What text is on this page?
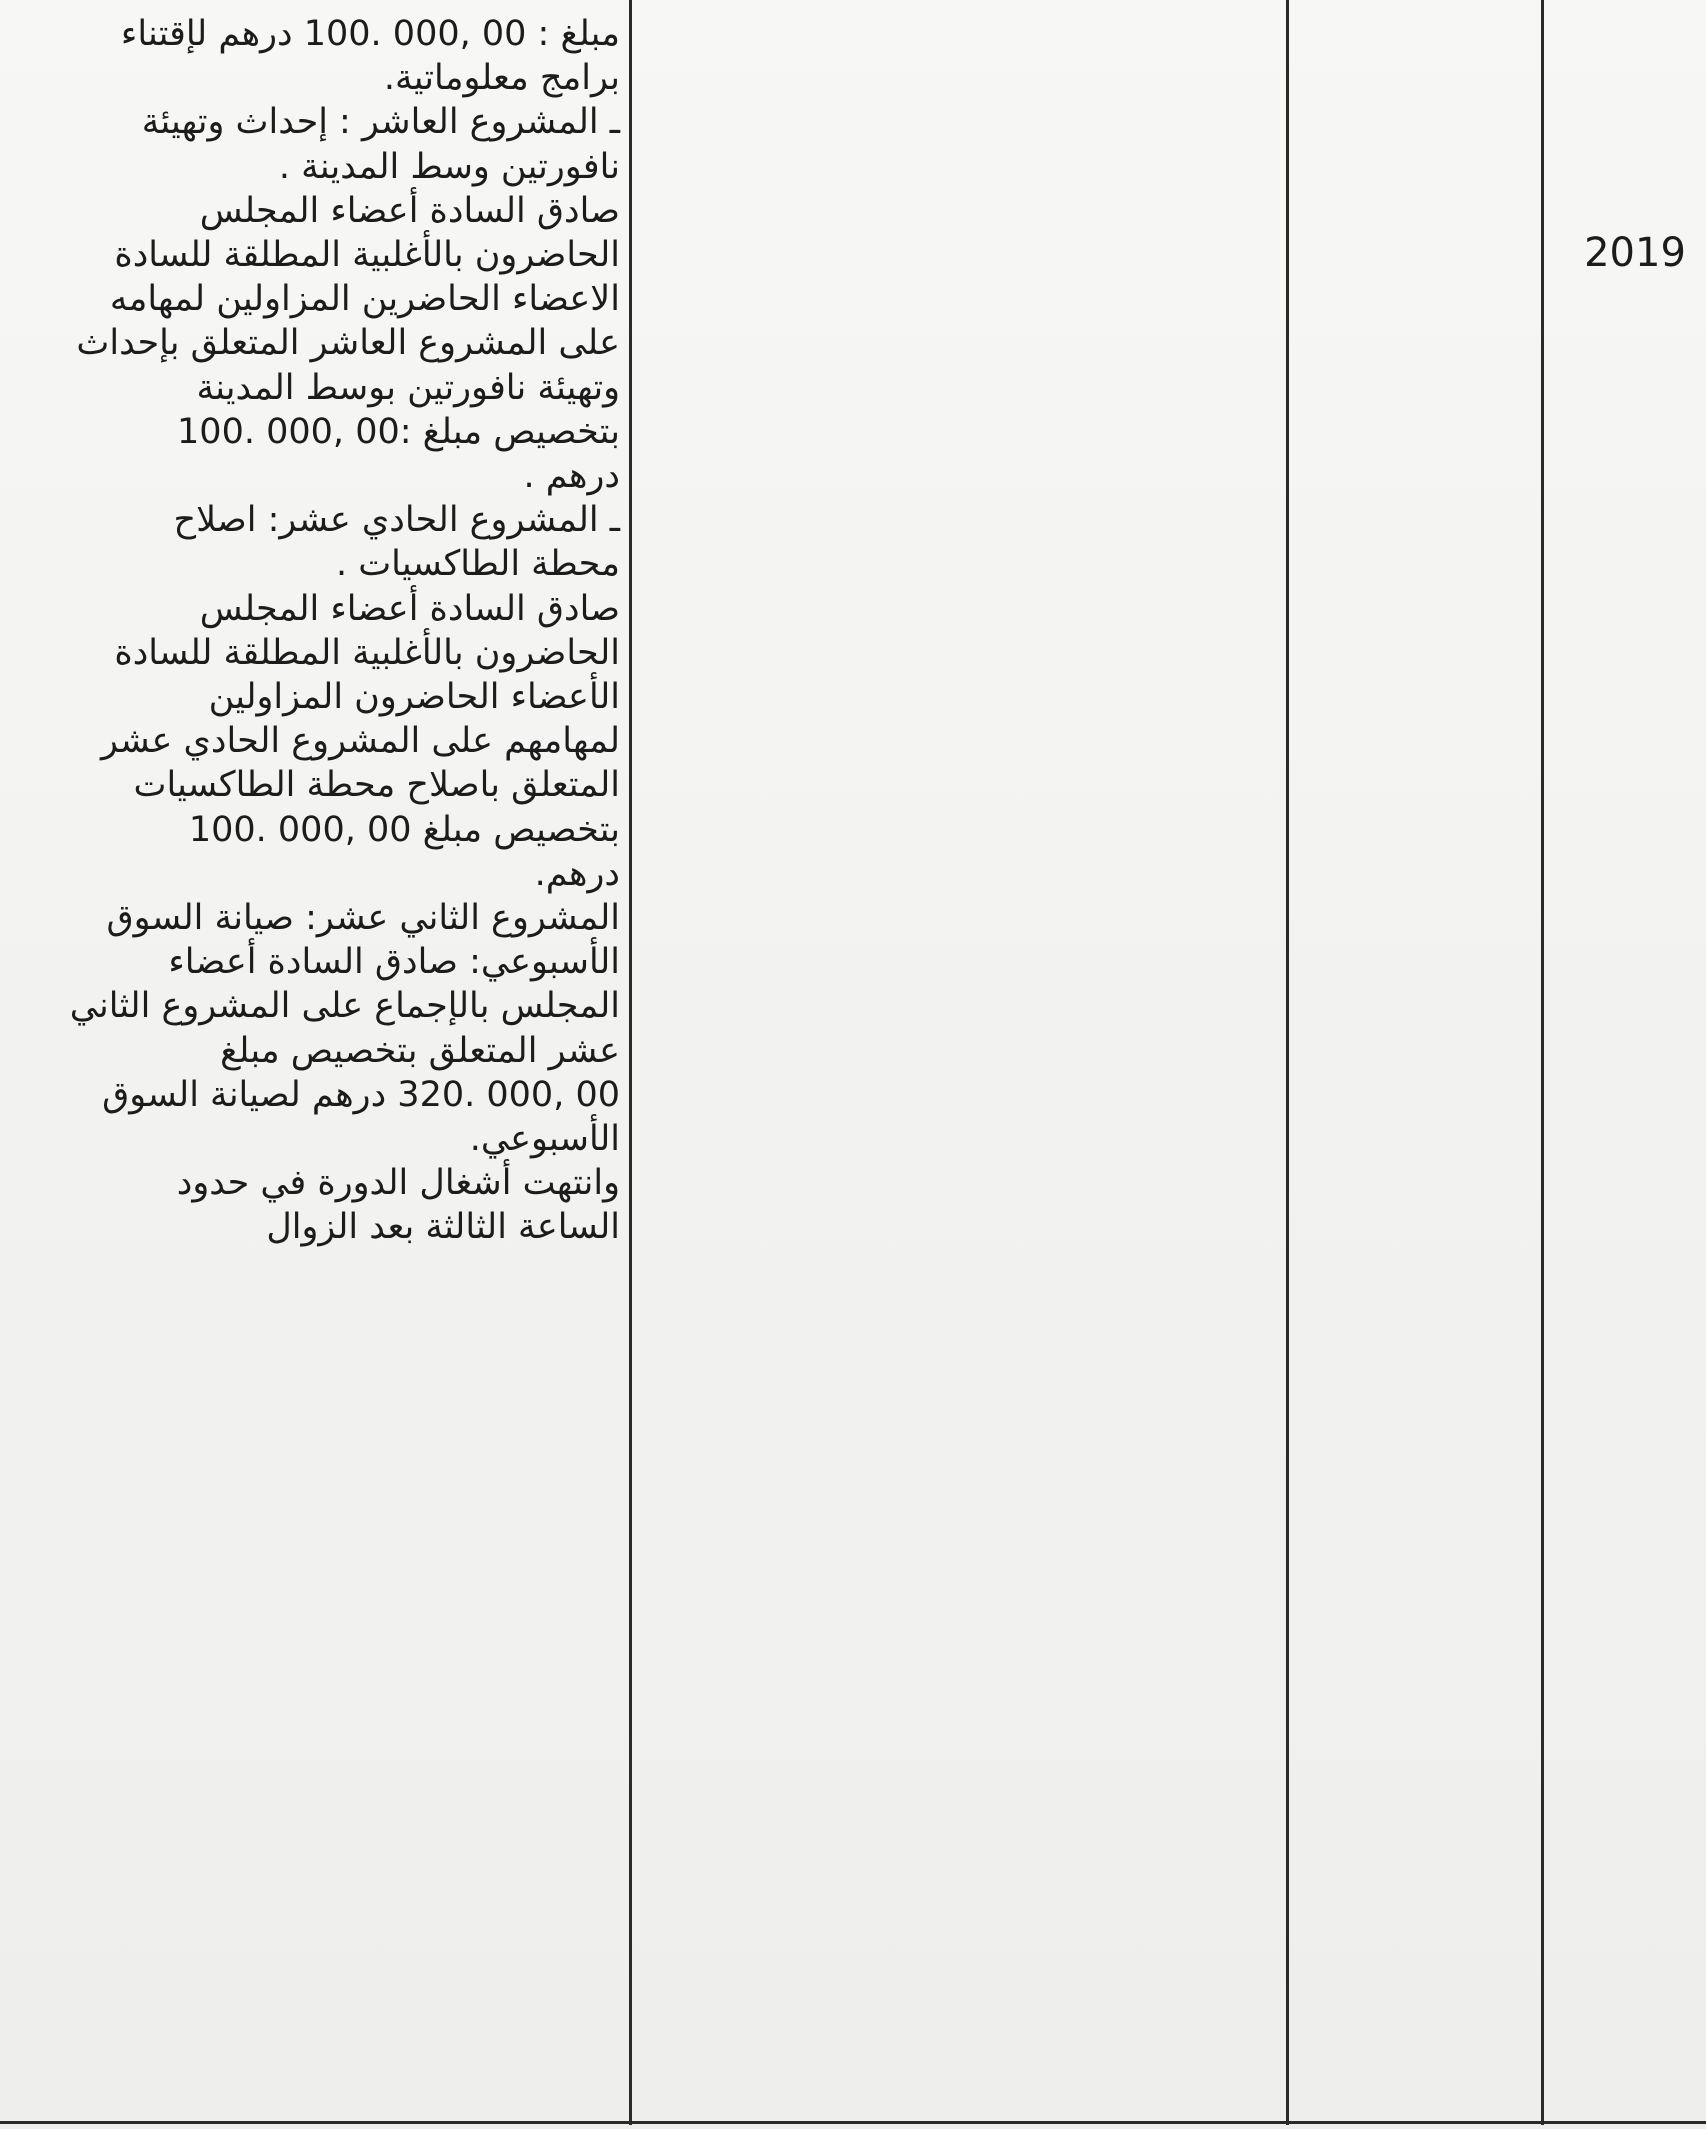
مبلغ : 00 ,000 .100 درهم لإقتناء
برامج معلوماتية.
ـ المشروع العاشر : إحداث وتهيئة
نافورتين وسط المدينة .
صادق السادة أعضاء المجلس
الحاضرون بالأغلبية المطلقة للسادة
الاعضاء الحاضرين المزاولين لمهامه
على المشروع العاشر المتعلق بإحداث
وتهيئة نافورتين بوسط المدينة
بتخصيص مبلغ :00 ,000 .100
درهم .
ـ المشروع الحادي عشر: اصلاح
محطة الطاكسيات .
صادق السادة أعضاء المجلس
الحاضرون بالأغلبية المطلقة للسادة
الأعضاء الحاضرون المزاولين
لمهامهم على المشروع الحادي عشر
المتعلق باصلاح محطة الطاكسيات
بتخصيص مبلغ 00 ,000 .100
درهم.
المشروع الثاني عشر: صيانة السوق
الأسبوعي: صادق السادة أعضاء
المجلس بالإجماع على المشروع الثاني
عشر المتعلق بتخصيص مبلغ
00 ,000 .320 درهم لصيانة السوق
الأسبوعي.
وانتهت أشغال الدورة في حدود
الساعة الثالثة بعد الزوال
2019
